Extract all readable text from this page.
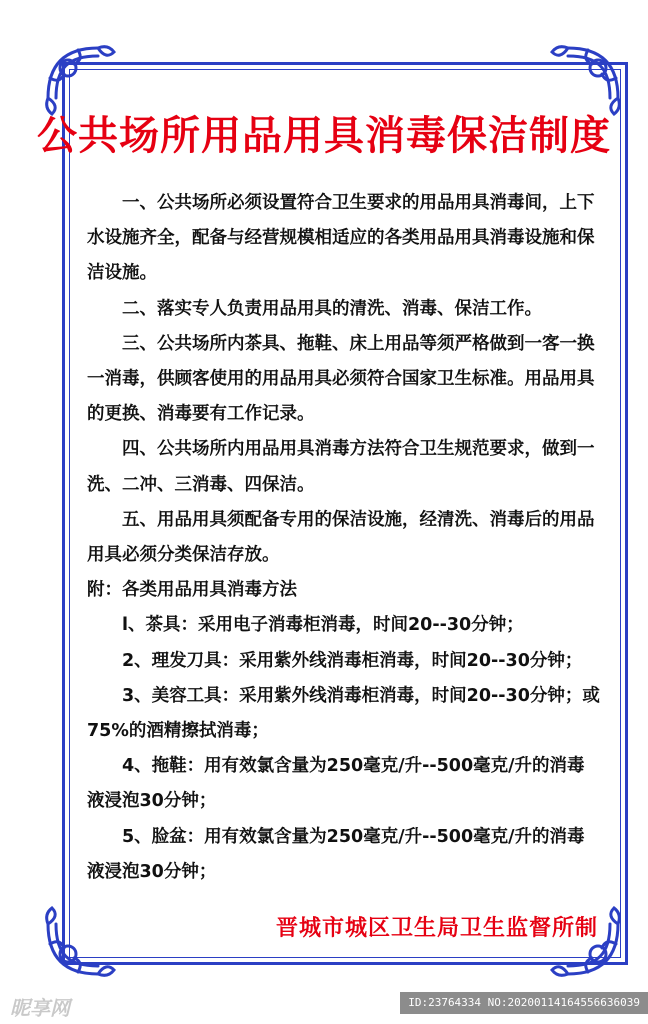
公共场所用品用具消毒保洁制度

一、公共场所必须设置符合卫生要求的用品用具消毒间，上下水设施齐全，配备与经营规模相适应的各类用品用具消毒设施和保洁设施。

二、落实专人负责用品用具的清洗、消毒、保洁工作。

三、公共场所内茶具、拖鞋、床上用品等须严格做到一客一换一消毒，供顾客使用的用品用具必须符合国家卫生标准。用品用具的更换、消毒要有工作记录。

四、公共场所内用品用具消毒方法符合卫生规范要求，做到一洗、二冲、三消毒、四保洁。

五、用品用具须配备专用的保洁设施，经清洗、消毒后的用品用具必须分类保洁存放。

附：各类用品用具消毒方法

l、茶具：采用电子消毒柜消毒，时间20--30分钟；

2、理发刀具：采用紫外线消毒柜消毒，时间20--30分钟；

3、美容工具：采用紫外线消毒柜消毒，时间20--30分钟；或75%的酒精擦拭消毒；

4、拖鞋：用有效氯含量为250毫克/升--500毫克/升的消毒液浸泡30分钟；

5、脸盆：用有效氯含量为250毫克/升--500毫克/升的消毒液浸泡30分钟；

晋城市城区卫生局卫生监督所制
昵享网	ID:23764334 NO:20200114164556636039
